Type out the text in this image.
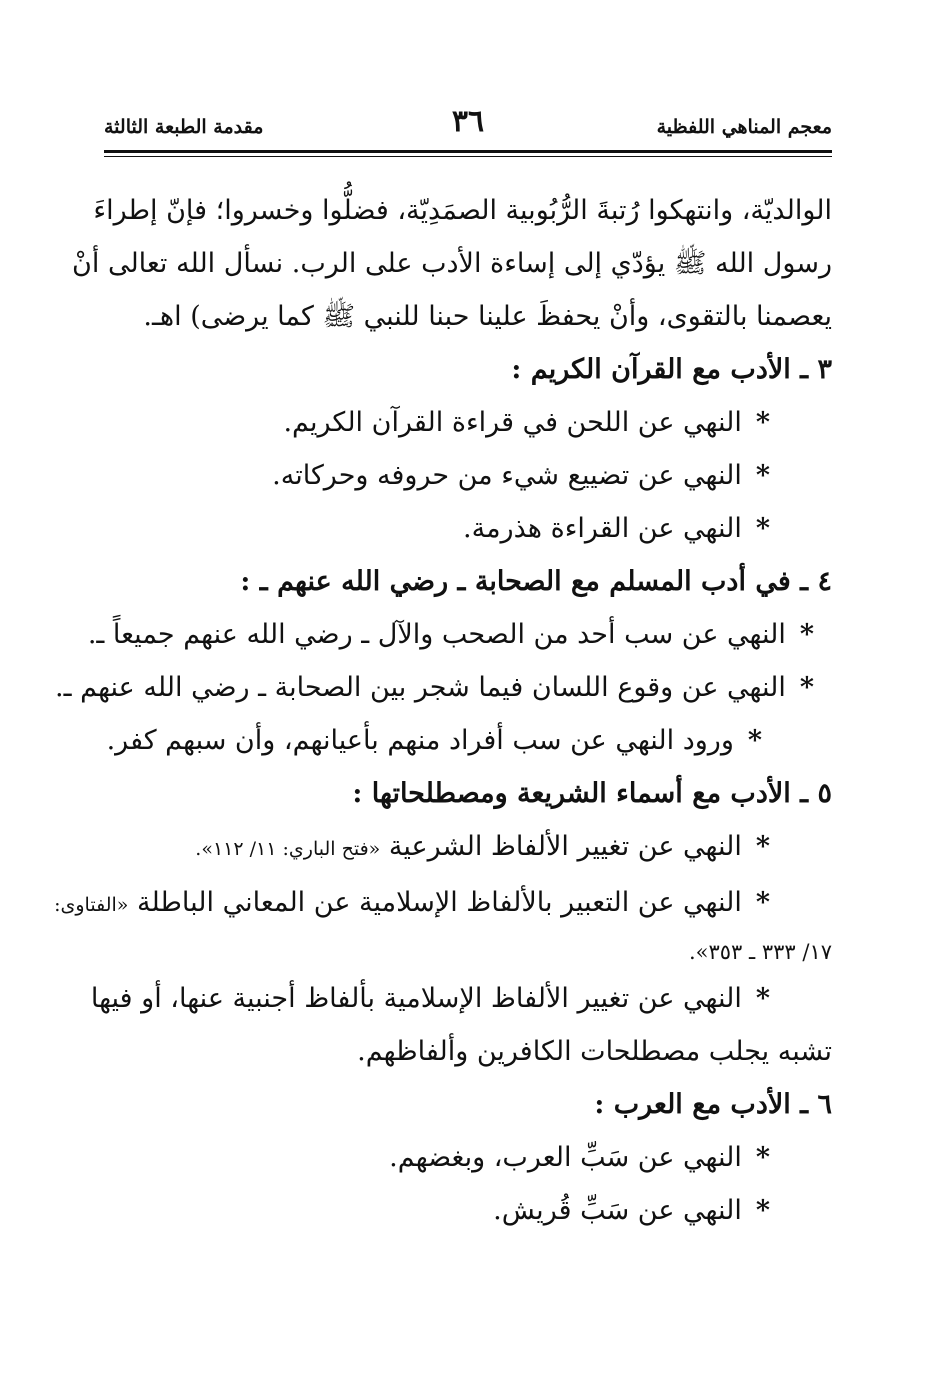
معجم المناهي اللفظية
٣٦
مقدمة الطبعة الثالثة
الوالديّة، وانتهكوا رُتبةَ الرُّبُوبية الصمَدِيّة، فضلُّوا وخسروا؛ فإنّ إطراءَ
رسول الله ﷺ يؤدّي إلى إساءة الأدب على الرب. نسأل الله تعالى أنْ
يعصمنا بالتقوى، وأنْ يحفظَ علينا حبنا للنبي ﷺ كما يرضى) اهـ.
٣ ـ الأدب مع القرآن الكريم :
*النهي عن اللحن في قراءة القرآن الكريم.
*النهي عن تضييع شيء من حروفه وحركاته.
*النهي عن القراءة هذرمة.
٤ ـ في أدب المسلم مع الصحابة ـ رضي الله عنهم ـ :
*النهي عن سب أحد من الصحب والآل ـ رضي الله عنهم جميعاً ـ.
*النهي عن وقوع اللسان فيما شجر بين الصحابة ـ رضي الله عنهم ـ.
*ورود النهي عن سب أفراد منهم بأعيانهم، وأن سبهم كفر.
٥ ـ الأدب مع أسماء الشريعة ومصطلحاتها :
*النهي عن تغيير الألفاظ الشرعية «فتح الباري: ١١/ ١١٢».
*النهي عن التعبير بالألفاظ الإسلامية عن المعاني الباطلة «الفتاوى:
١٧/ ٣٣٣ ـ ٣٥٣».
*النهي عن تغيير الألفاظ الإسلامية بألفاظ أجنبية عنها، أو فيها
تشبه يجلب مصطلحات الكافرين وألفاظهم.
٦ ـ الأدب مع العرب :
*النهي عن سَبِّ العرب، وبغضهم.
*النهي عن سَبِّ قُريش.
